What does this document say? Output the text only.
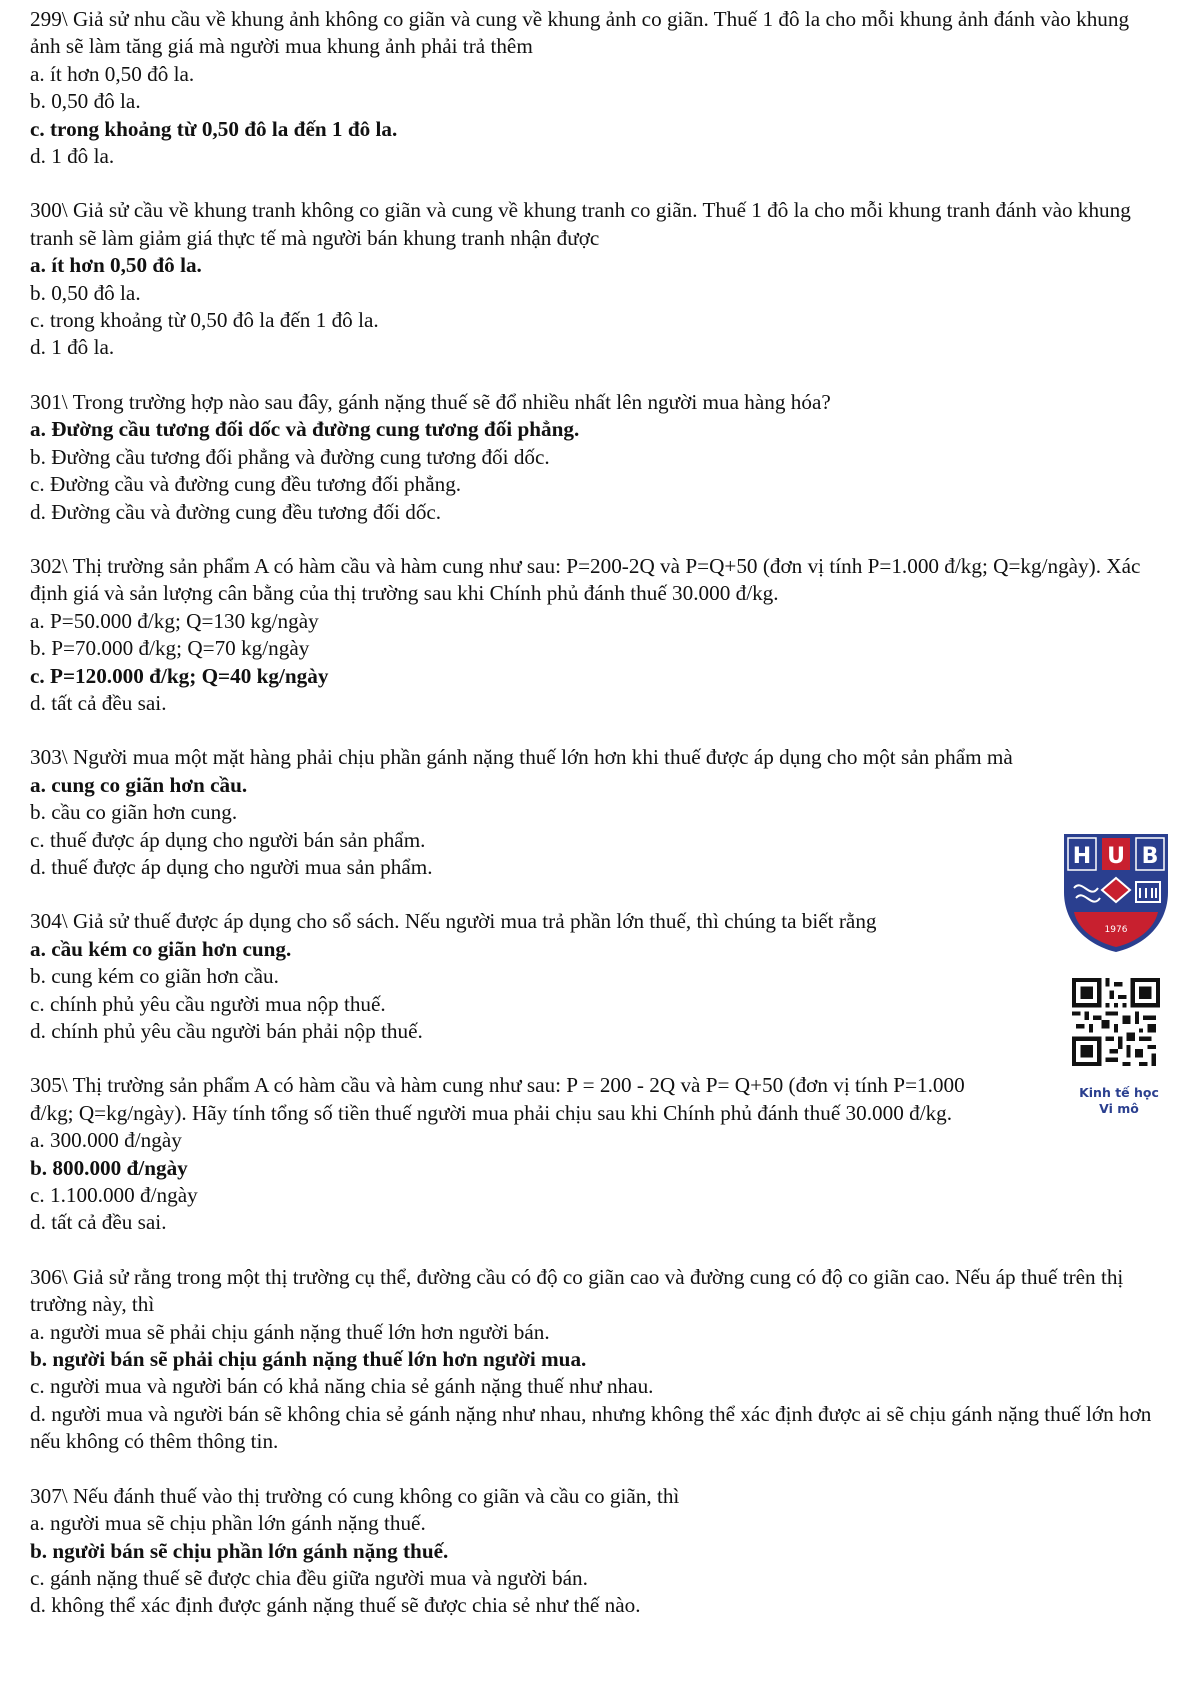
299\ Giả sử nhu cầu về khung ảnh không co giãn và cung về khung ảnh co giãn. Thuế 1 đô la cho mỗi khung ảnh đánh vào khung ảnh sẽ làm tăng giá mà người mua khung ảnh phải trả thêm

a. ít hơn 0,50 đô la.

b. 0,50 đô la.

c. trong khoảng từ 0,50 đô la đến 1 đô la.

d. 1 đô la.

300\ Giả sử cầu về khung tranh không co giãn và cung về khung tranh co giãn. Thuế 1 đô la cho mỗi khung tranh đánh vào khung tranh sẽ làm giảm giá thực tế mà người bán khung tranh nhận được

a. ít hơn 0,50 đô la.

b. 0,50 đô la.

c. trong khoảng từ 0,50 đô la đến 1 đô la.

d. 1 đô la.

301\ Trong trường hợp nào sau đây, gánh nặng thuế sẽ đổ nhiều nhất lên người mua hàng hóa?

a. Đường cầu tương đối dốc và đường cung tương đối phẳng.

b. Đường cầu tương đối phẳng và đường cung tương đối dốc.

c. Đường cầu và đường cung đều tương đối phẳng.

d. Đường cầu và đường cung đều tương đối dốc.

302\ Thị trường sản phẩm A có hàm cầu và hàm cung như sau: P=200-2Q và P=Q+50 (đơn vị tính P=1.000 đ/kg; Q=kg/ngày). Xác định giá và sản lượng cân bằng của thị trường sau khi Chính phủ đánh thuế 30.000 đ/kg.

a. P=50.000 đ/kg; Q=130 kg/ngày

b. P=70.000 đ/kg; Q=70 kg/ngày

c. P=120.000 đ/kg; Q=40 kg/ngày

d. tất cả đều sai.

303\ Người mua một mặt hàng phải chịu phần gánh nặng thuế lớn hơn khi thuế được áp dụng cho một sản phẩm mà

a. cung co giãn hơn cầu.

b. cầu co giãn hơn cung.

c. thuế được áp dụng cho người bán sản phẩm.

d. thuế được áp dụng cho người mua sản phẩm.

304\ Giả sử thuế được áp dụng cho sổ sách. Nếu người mua trả phần lớn thuế, thì chúng ta biết rằng

a. cầu kém co giãn hơn cung.

b. cung kém co giãn hơn cầu.

c. chính phủ yêu cầu người mua nộp thuế.

d. chính phủ yêu cầu người bán phải nộp thuế.

305\ Thị trường sản phẩm A có hàm cầu và hàm cung như sau: P = 200 - 2Q và P= Q+50 (đơn vị tính P=1.000 đ/kg; Q=kg/ngày). Hãy tính tổng số tiền thuế người mua phải chịu sau khi Chính phủ đánh thuế 30.000 đ/kg.

a. 300.000 đ/ngày

b. 800.000 đ/ngày

c. 1.100.000 đ/ngày

d. tất cả đều sai.

306\ Giả sử rằng trong một thị trường cụ thể, đường cầu có độ co giãn cao và đường cung có độ co giãn cao. Nếu áp thuế trên thị trường này, thì

a. người mua sẽ phải chịu gánh nặng thuế lớn hơn người bán.

b. người bán sẽ phải chịu gánh nặng thuế lớn hơn người mua.

c. người mua và người bán có khả năng chia sẻ gánh nặng thuế như nhau.

d. người mua và người bán sẽ không chia sẻ gánh nặng như nhau, nhưng không thể xác định được ai sẽ chịu gánh nặng thuế lớn hơn nếu không có thêm thông tin.

307\ Nếu đánh thuế vào thị trường có cung không co giãn và cầu co giãn, thì

a. người mua sẽ chịu phần lớn gánh nặng thuế.

b. người bán sẽ chịu phần lớn gánh nặng thuế.

c. gánh nặng thuế sẽ được chia đều giữa người mua và người bán.

d. không thể xác định được gánh nặng thuế sẽ được chia sẻ như thế nào.

H U B
1976
Kinh tế học
Vi mô
